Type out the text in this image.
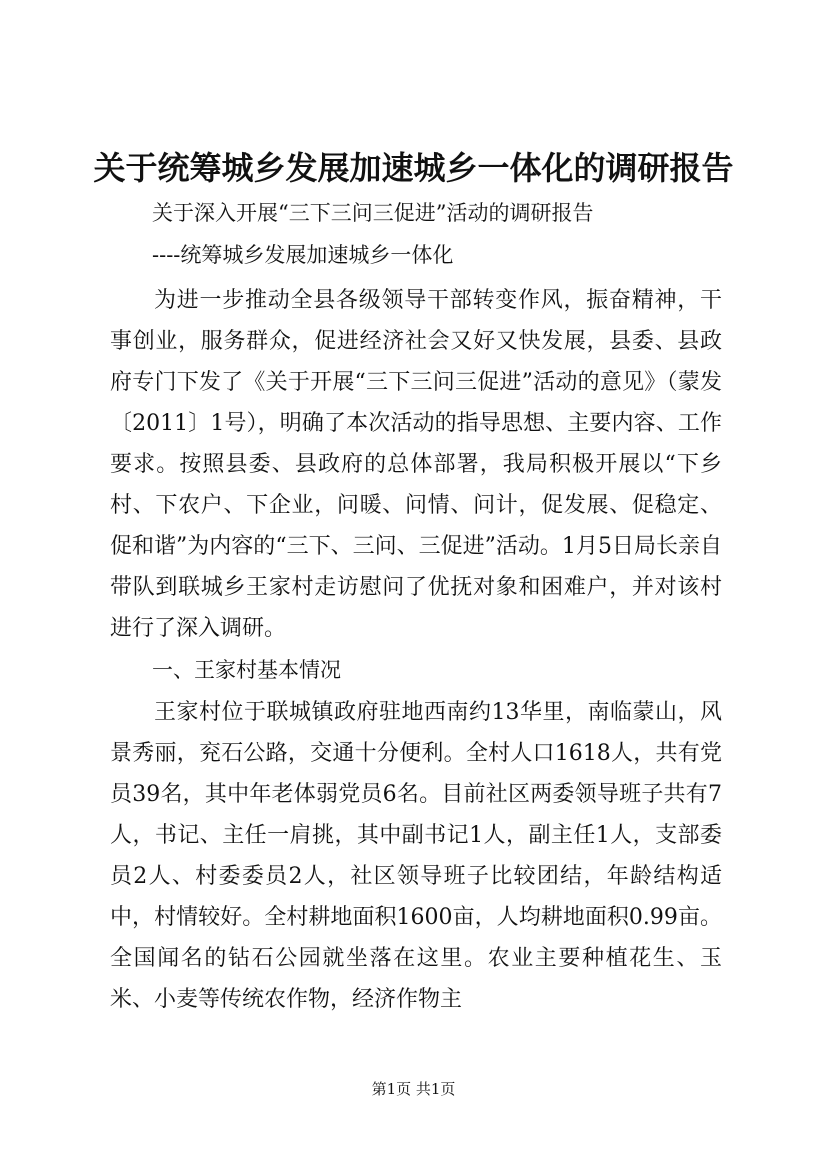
关于统筹城乡发展加速城乡一体化的调研报告
关于深入开展“三下三问三促进”活动的调研报告
----统筹城乡发展加速城乡一体化

为进一步推动全县各级领导干部转变作风，振奋精神，干事创业，服务群众，促进经济社会又好又快发展，县委、县政府专门下发了《关于开展“三下三问三促进”活动的意见》（蒙发〔2011〕1号），明确了本次活动的指导思想、主要内容、工作要求。按照县委、县政府的总体部署，我局积极开展以“下乡村、下农户、下企业，问暖、问情、问计，促发展、促稳定、促和谐”为内容的“三下、三问、三促进”活动。1月5日局长亲自带队到联城乡王家村走访慰问了优抚对象和困难户，并对该村进行了深入调研。

一、王家村基本情况

王家村位于联城镇政府驻地西南约13华里，南临蒙山，风景秀丽，兖石公路，交通十分便利。全村人口1618人，共有党员39名，其中年老体弱党员6名。目前社区两委领导班子共有7人，书记、主任一肩挑，其中副书记1人，副主任1人，支部委员2人、村委委员2人，社区领导班子比较团结，年龄结构适中，村情较好。全村耕地面积1600亩，人均耕地面积0.99亩。全国闻名的钻石公园就坐落在这里。农业主要种植花生、玉米、小麦等传统农作物，经济作物主

第1页 共1页
